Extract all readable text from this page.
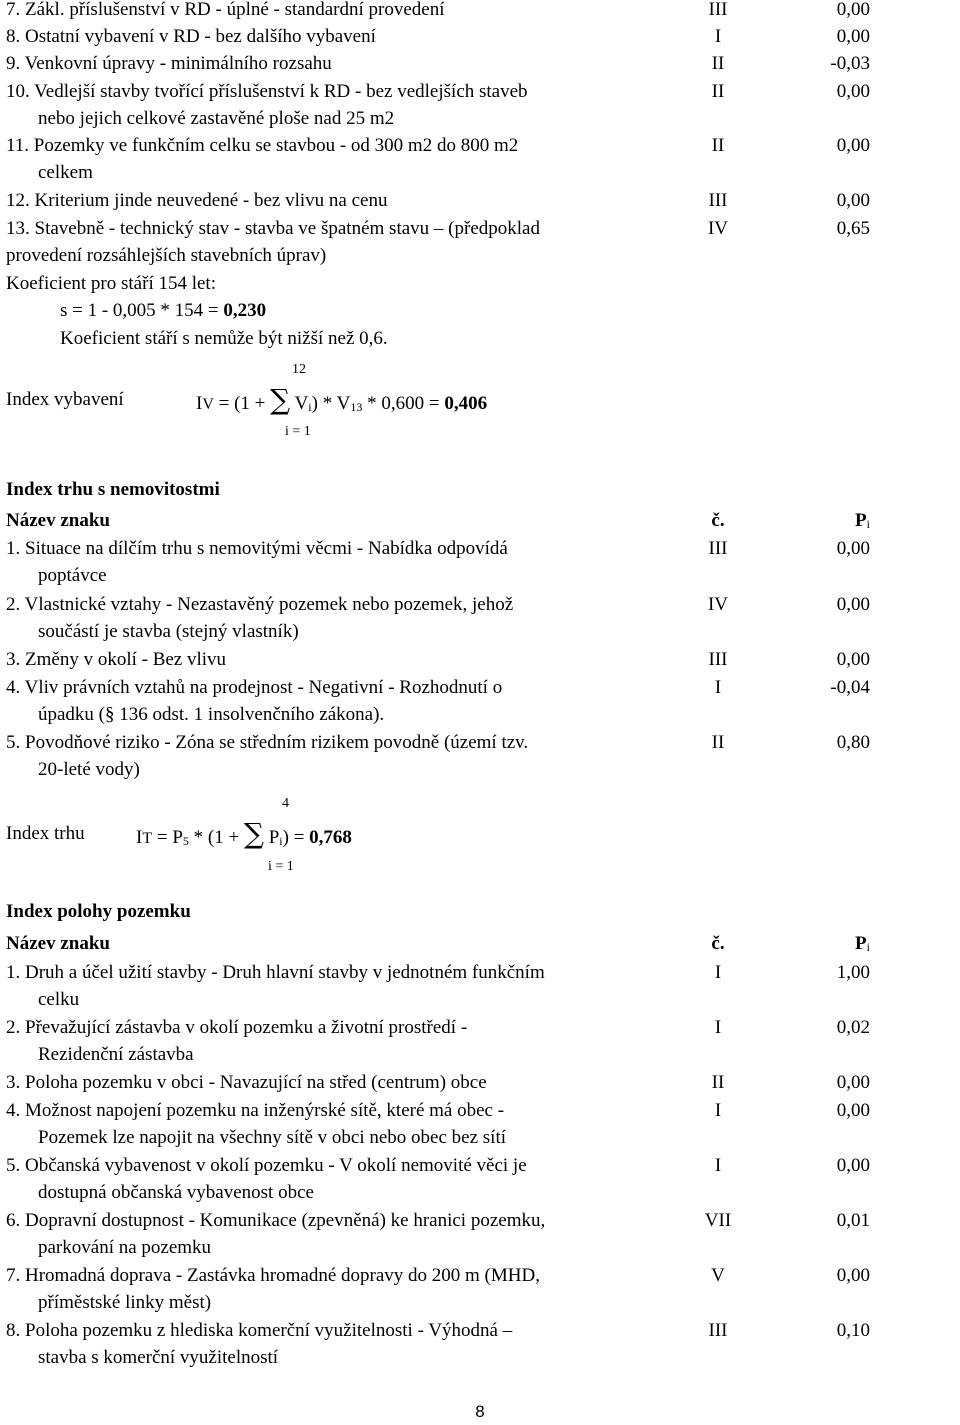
7. Zákl. příslušenství v RD - úplné - standardní provedení	III	0,00
8. Ostatní vybavení v RD - bez dalšího vybavení	I	0,00
9. Venkovní úpravy - minimálního rozsahu	II	-0,03
10. Vedlejší stavby tvořící příslušenství k RD - bez vedlejších staveb
nebo jejich celkové zastavěné ploše nad 25 m2
II	0,00
11. Pozemky ve funkčním celku se stavbou - od 300 m2 do 800 m2
celkem
II	0,00
12. Kriterium jinde neuvedené - bez vlivu na cenu	III	0,00
13. Stavebně - technický stav - stavba ve špatném stavu – (předpoklad
provedení rozsáhlejších stavebních úprav)
IV	0,65
Koeficient pro stáří 154 let:
s = 1 - 0,005 * 154 = 0,230
Koeficient stáří s nemůže být nižší než 0,6.
12
Index vybavení	IV = (1 + ∑ Vi) * V13 * 0,600 = 0,406
i = 1
Index trhu s nemovitostmi
Název znaku	č.	Pi
1. Situace na dílčím trhu s nemovitými věcmi - Nabídka odpovídá
poptávce
III	0,00
2. Vlastnické vztahy - Nezastavěný pozemek nebo pozemek, jehož
součástí je stavba (stejný vlastník)
IV	0,00
3. Změny v okolí - Bez vlivu	III	0,00
4. Vliv právních vztahů na prodejnost - Negativní - Rozhodnutí o
úpadku (§ 136 odst. 1 insolvenčního zákona).
I	-0,04
5. Povodňové riziko - Zóna se středním rizikem povodně (území tzv.
20-leté vody)
II	0,80
4
Index trhu	IT = P5 * (1 + ∑ Pi) = 0,768
i = 1
Index polohy pozemku
Název znaku	č.	Pi
1. Druh a účel užití stavby - Druh hlavní stavby v jednotném funkčním
celku
I	1,00
2. Převažující zástavba v okolí pozemku a životní prostředí -
Rezidenční zástavba
I	0,02
3. Poloha pozemku v obci - Navazující na střed (centrum) obce	II	0,00
4. Možnost napojení pozemku na inženýrské sítě, které má obec -
Pozemek lze napojit na všechny sítě v obci nebo obec bez sítí
I	0,00
5. Občanská vybavenost v okolí pozemku - V okolí nemovité věci je
dostupná občanská vybavenost obce
I	0,00
6. Dopravní dostupnost - Komunikace (zpevněná) ke hranici pozemku,
parkování na pozemku
VII	0,01
7. Hromadná doprava - Zastávka hromadné dopravy do 200 m (MHD,
příměstské linky měst)
V	0,00
8. Poloha pozemku z hlediska komerční využitelnosti - Výhodná –
stavba s komerční využitelností
III	0,10
8
